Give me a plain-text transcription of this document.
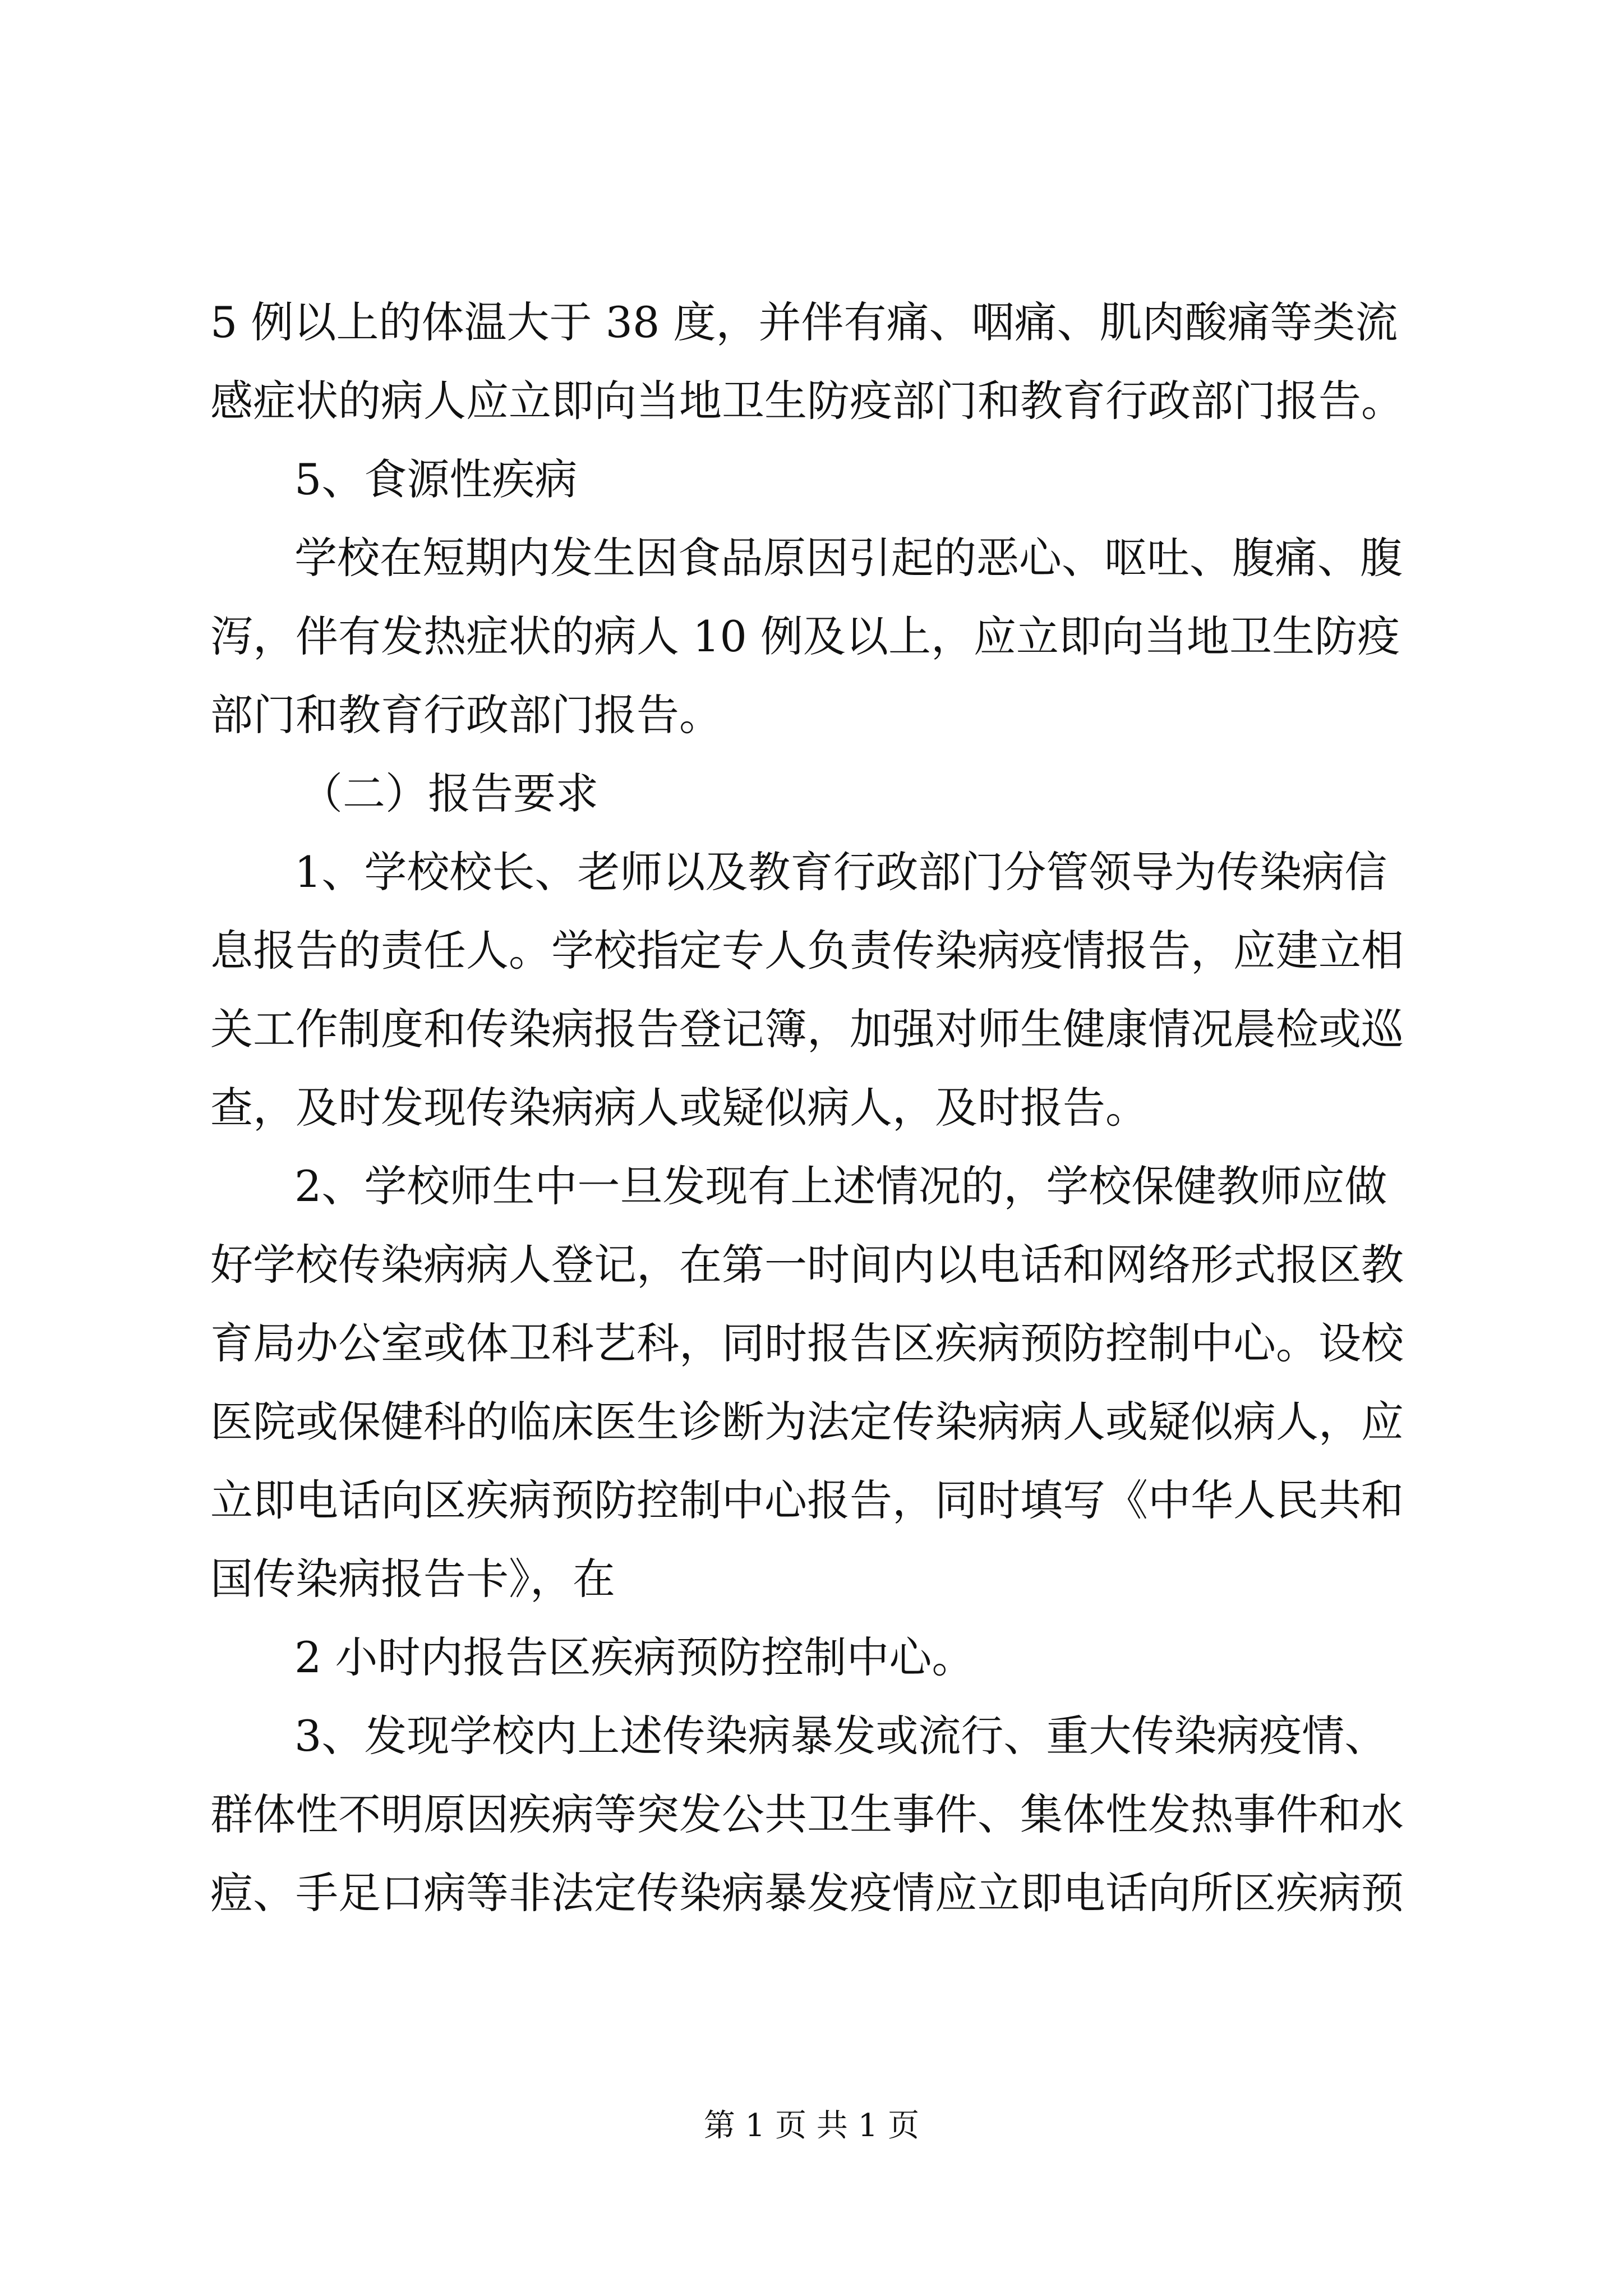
5 例以上的体温大于 38 度，并伴有痛、咽痛、肌肉酸痛等类流
感症状的病人应立即向当地卫生防疫部门和教育行政部门报告。
5、食源性疾病
学校在短期内发生因食品原因引起的恶心、呕吐、腹痛、腹
泻，伴有发热症状的病人 10 例及以上，应立即向当地卫生防疫
部门和教育行政部门报告。
（二）报告要求
1、学校校长、老师以及教育行政部门分管领导为传染病信
息报告的责任人。学校指定专人负责传染病疫情报告，应建立相
关工作制度和传染病报告登记簿，加强对师生健康情况晨检或巡
查，及时发现传染病病人或疑似病人，及时报告。
2、学校师生中一旦发现有上述情况的，学校保健教师应做
好学校传染病病人登记，在第一时间内以电话和网络形式报区教
育局办公室或体卫科艺科，同时报告区疾病预防控制中心。设校
医院或保健科的临床医生诊断为法定传染病病人或疑似病人，应
立即电话向区疾病预防控制中心报告，同时填写《中华人民共和
国传染病报告卡》，在
2 小时内报告区疾病预防控制中心。
3、发现学校内上述传染病暴发或流行、重大传染病疫情、
群体性不明原因疾病等突发公共卫生事件、集体性发热事件和水
痘、手足口病等非法定传染病暴发疫情应立即电话向所区疾病预
第 1 页 共 1 页
